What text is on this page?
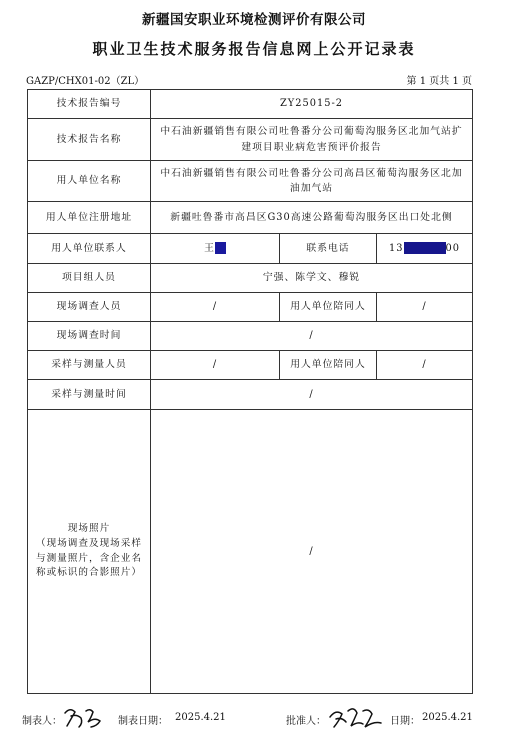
新疆国安职业环境检测评价有限公司
职业卫生技术服务报告信息网上公开记录表
GAZP/CHX01-02（ZL）	第 1 页共 1 页
技术报告编号	ZY25015-2		
技术报告名称	中石油新疆销售有限公司吐鲁番分公司葡萄沟服务区北加气站扩建项目职业病危害预评价报告		
用人单位名称	中石油新疆销售有限公司吐鲁番分公司高昌区葡萄沟服务区北加油加气站		
用人单位注册地址	新疆吐鲁番市高昌区G30高速公路葡萄沟服务区出口处北侧		
用人单位联系人	王	联系电话	13 00
项目组人员	宁强、陈学文、穆锐		
现场调查人员	/	用人单位陪同人	/
现场调查时间	/		
采样与测量人员	/	用人单位陪同人	/
采样与测量时间	/		

现场照片
（现场调查及现场采样与测量照片，含企业名称或标识的合影照片）	/		
制表人：	制表日期： 2025.4.21	批准人：	日期： 2025.4.21
